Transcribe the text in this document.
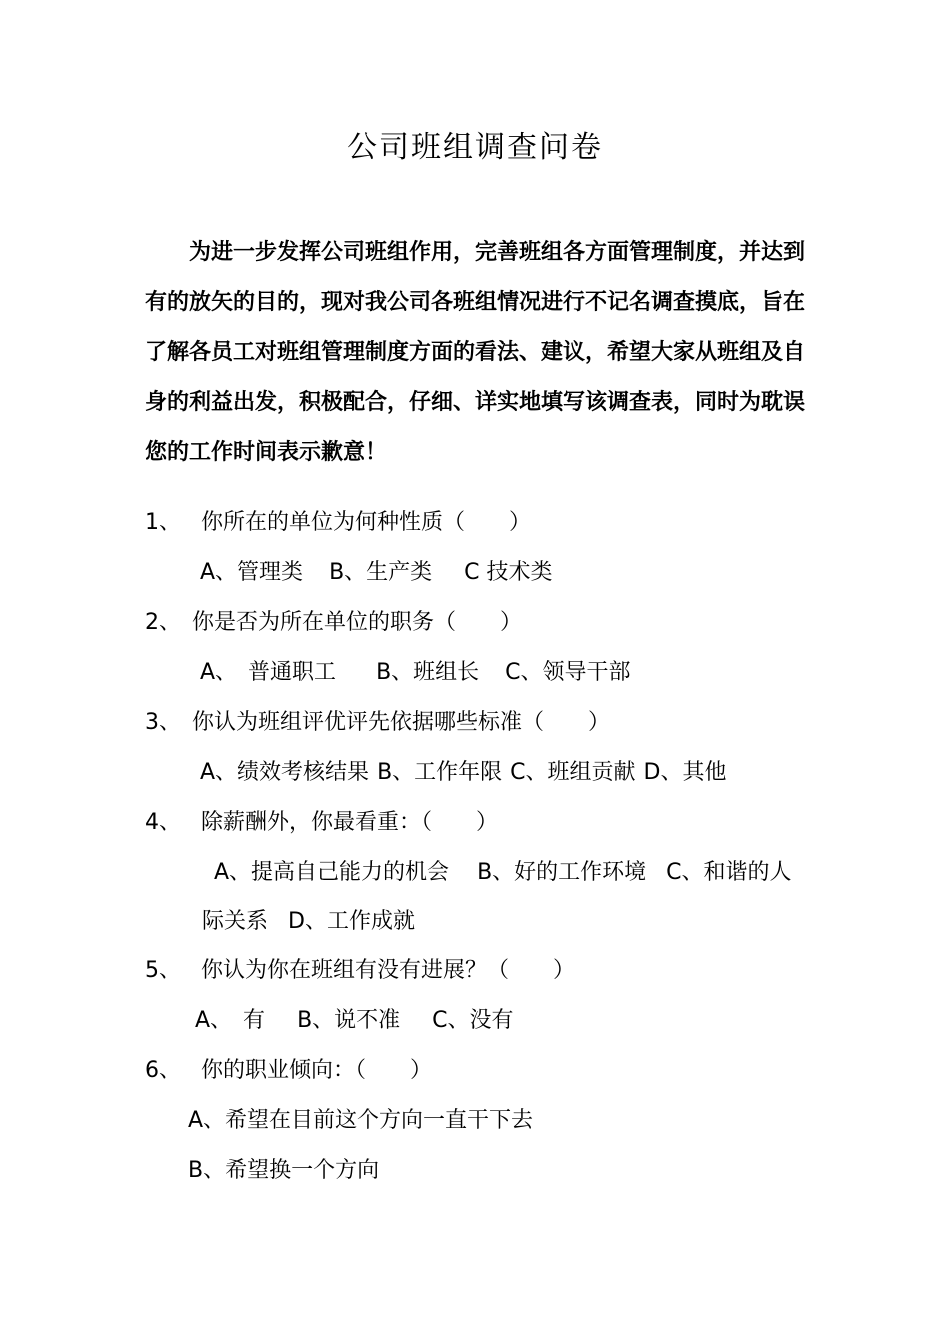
公司班组调查问卷

为进一步发挥公司班组作用，完善班组各方面管理制度，并达到有的放矢的目的，现对我公司各班组情况进行不记名调查摸底，旨在了解各员工对班组管理制度方面的看法、建议，希望大家从班组及自身的利益出发，积极配合，仔细、详实地填写该调查表，同时为耽误您的工作时间表示歉意！

1、 你所在的单位为何种性质（　　）
A、管理类 B、生产类 C 技术类
2、 你是否为所在单位的职务（　　）
A、　普通职工 B、班组长 C、领导干部
3、 你认为班组评优评先依据哪些标准（　　）
A、绩效考核结果 B、工作年限 C、班组贡献 D、其他
4、 除薪酬外，你最看重：（　　）
A、提高自己能力的机会 B、好的工作环境 C、和谐的人
际关系 D、工作成就
5、 你认为你在班组有没有进展？（　　）
A、　有 B、说不准 C、没有
6、 你的职业倾向：（　　）
A、希望在目前这个方向一直干下去
B、希望换一个方向
